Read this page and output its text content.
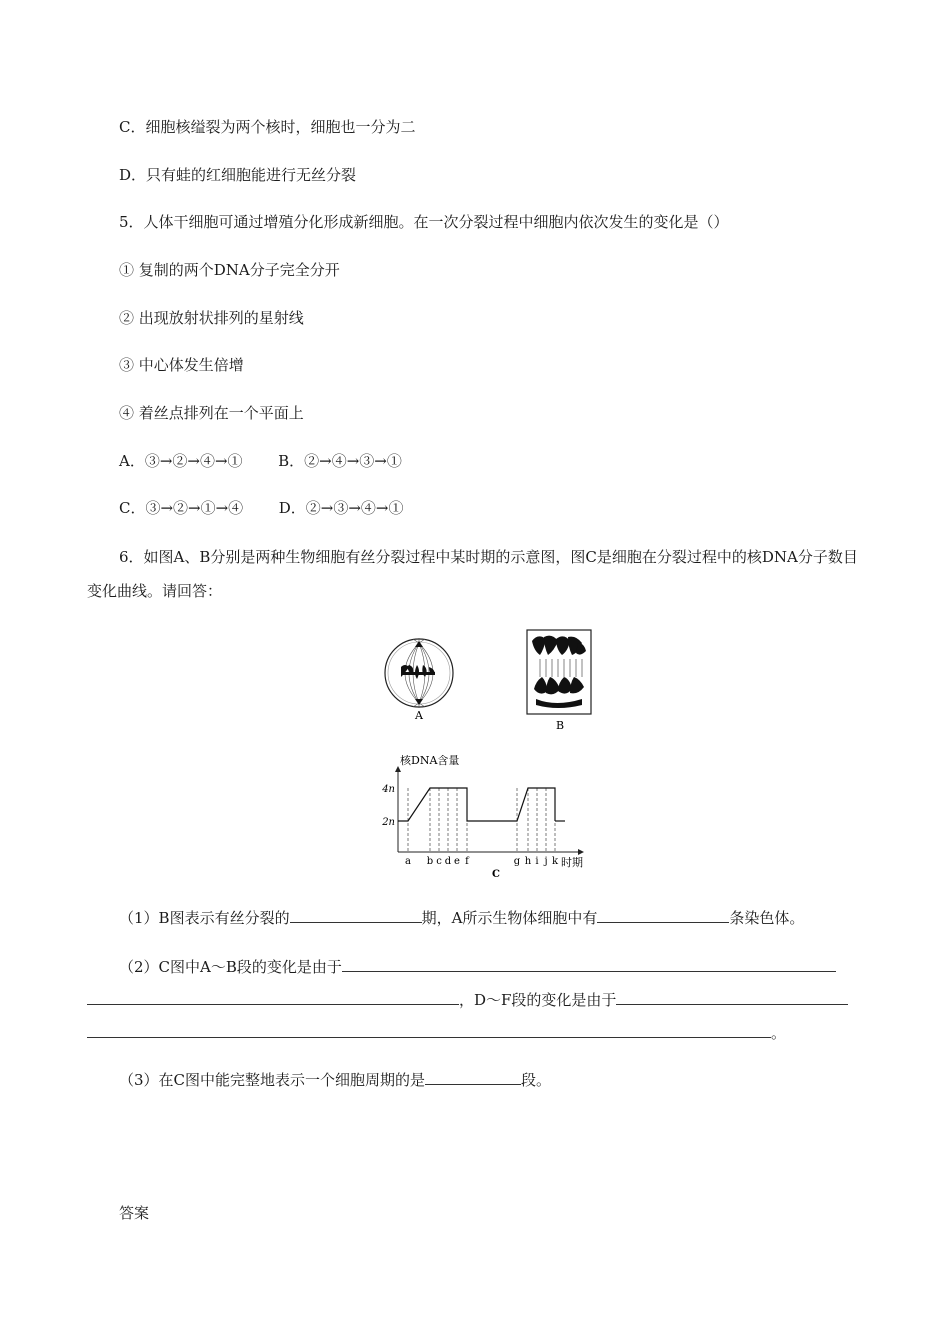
C．细胞核缢裂为两个核时，细胞也一分为二
D．只有蛙的红细胞能进行无丝分裂
5．人体干细胞可通过增殖分化形成新细胞。在一次分裂过程中细胞内依次发生的变化是（）
① 复制的两个DNA分子完全分开
② 出现放射状排列的星射线
③ 中心体发生倍增
④ 着丝点排列在一个平面上
A．③→②→④→① B．②→④→③→①
C．③→②→①→④ D．②→③→④→①
6．如图A、B分别是两种生物细胞有丝分裂过程中某时期的示意图，图C是细胞在分裂过程中的核DNA分子数目变化曲线。请回答：
A
B
核DNA含量
时期
C
2n
4n
a b c d e f	g h i j k
（1）B图表示有丝分裂的	期，A所示生物体细胞中有	条染色体。
（2）C图中A～B段的变化是由于
，D～F段的变化是由于
。
（3）在C图中能完整地表示一个细胞周期的是	段。
答案
